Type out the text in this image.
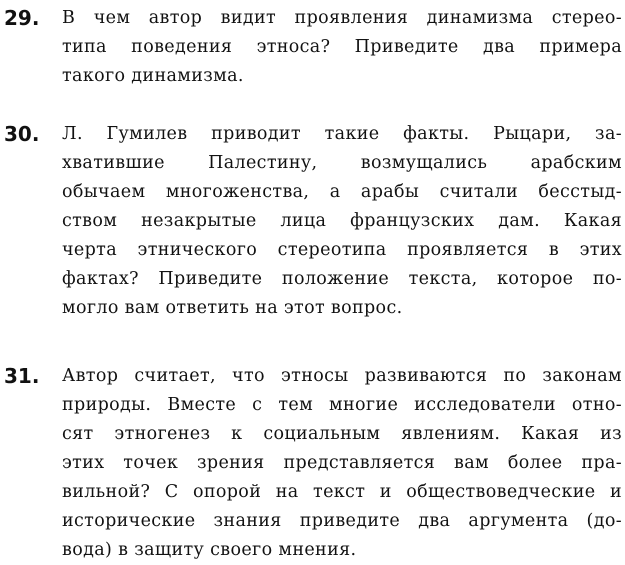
29. В чем автор видит проявления динамизма стерео-
типа поведения этноса? Приведите два примера
такого динамизма.
30. Л. Гумилев приводит такие факты. Рыцари, за-
хватившие Палестину, возмущались арабским
обычаем многоженства, а арабы считали бесстыд-
ством незакрытые лица французских дам. Какая
черта этнического стереотипа проявляется в этих
фактах? Приведите положение текста, которое по-
могло вам ответить на этот вопрос.
31. Автор считает, что этносы развиваются по законам
природы. Вместе с тем многие исследователи отно-
сят этногенез к социальным явлениям. Какая из
этих точек зрения представляется вам более пра-
вильной? С опорой на текст и обществоведческие и
исторические знания приведите два аргумента (до-
вода) в защиту своего мнения.
